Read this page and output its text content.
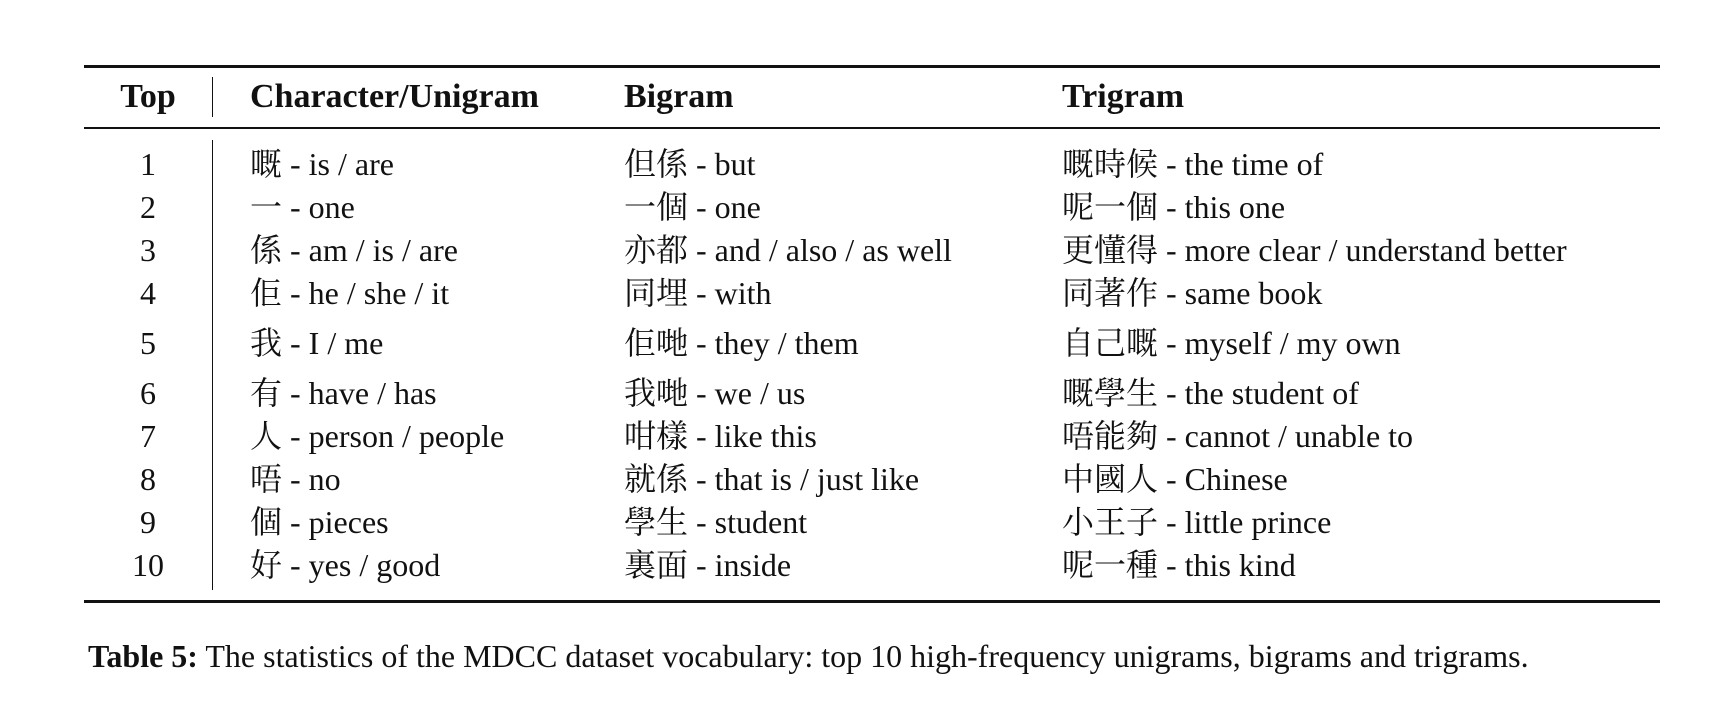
Top	Character/Unigram	Bigram	Trigram
1	嘅 - is / are	但係 - but	嘅時候 - the time of
2	一 - one	一個 - one	呢一個 - this one
3	係 - am / is / are	亦都 - and / also / as well	更懂得 - more clear / understand better
4	佢 - he / she / it	同埋 - with	同著作 - same book
5	我 - I / me	佢哋 - they / them	自己嘅 - myself / my own
6	有 - have / has	我哋 - we / us	嘅學生 - the student of
7	人 - person / people	咁樣 - like this	唔能夠 - cannot / unable to
8	唔 - no	就係 - that is / just like	中國人 - Chinese
9	個 - pieces	學生 - student	小王子 - little prince
10	好 - yes / good	裏面 - inside	呢一種 - this kind
Table 5: The statistics of the MDCC dataset vocabulary: top 10 high-frequency unigrams, bigrams and trigrams.
